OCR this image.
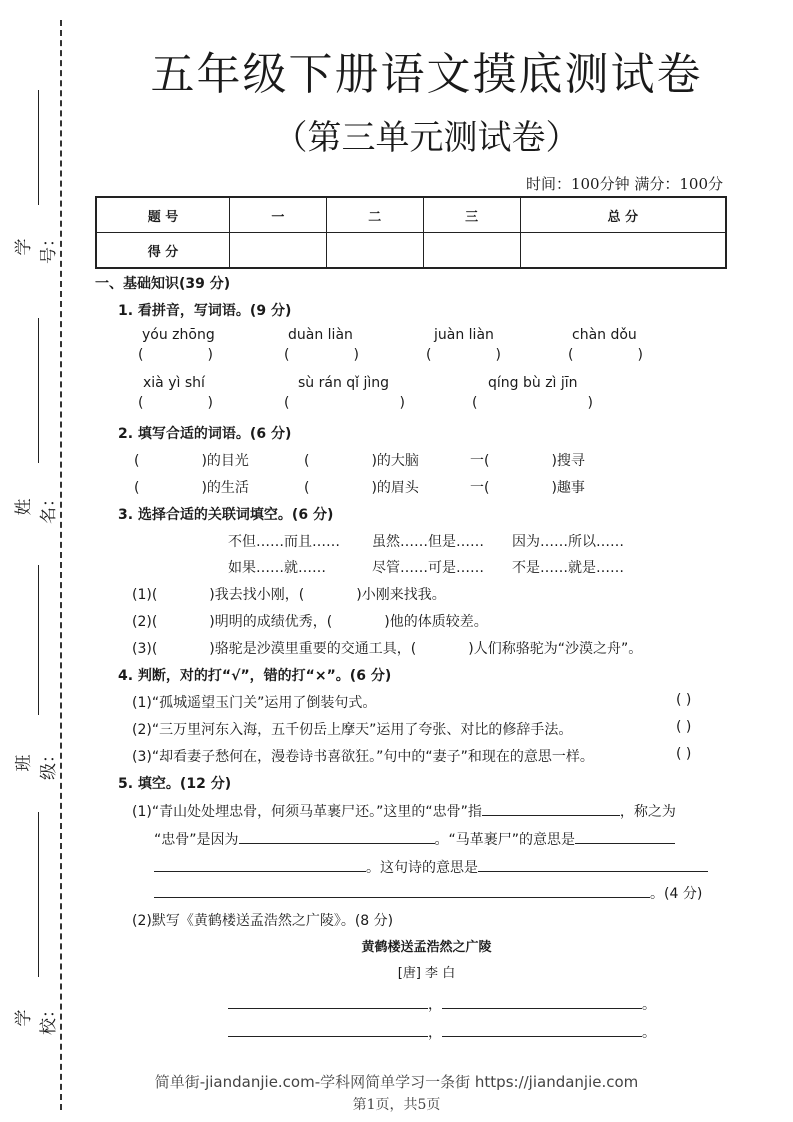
学号：
姓名：
班级：
学校：
五年级下册语文摸底测试卷
（第三单元测试卷）
时间：100分钟 满分：100分
题 号	一	二	三	总 分
得 分				
一、基础知识(39 分)
1. 看拼音，写词语。(9 分)
yóu zhōng	duàn liàn	juàn liàn	chàn dǒu
(	)	(	)	(	)	(	)
xià yì shí	sù rán qǐ jìng	qíng bù zì jīn
(	)	(	)	(	)
2. 填写合适的词语。(6 分)
(	)的目光	(	)的大脑	一(	)搜寻
(	)的生活	(	)的眉头	一(	)趣事
3. 选择合适的关联词填空。(6 分)
不但……而且…… 虽然……但是…… 因为……所以……
如果……就……	尽管……可是…… 不是……就是……
(1)(	)我去找小刚，(	)小刚来找我。
(2)(	)明明的成绩优秀，(	)他的体质较差。
(3)(	)骆驼是沙漠里重要的交通工具，(	)人们称骆驼为“沙漠之舟”。
4. 判断，对的打“√”，错的打“×”。(6 分)
(1)“孤城遥望玉门关”运用了倒装句式。	( )
(2)“三万里河东入海，五千仞岳上摩天”运用了夸张、对比的修辞手法。	( )
(3)“却看妻子愁何在，漫卷诗书喜欲狂。”句中的“妻子”和现在的意思一样。	( )
5. 填空。(12 分)
(1)“青山处处埋忠骨，何须马革裹尸还。”这里的“忠骨”指	，称之为
“忠骨”是因为	。“马革裹尸”的意思是
。这句诗的意思是
。(4 分)
(2)默写《黄鹤楼送孟浩然之广陵》。(8 分)
黄鹤楼送孟浩然之广陵
[唐] 李 白
，	。
，	。
简单街-jiandanjie.com-学科网简单学习一条街 https://jiandanjie.com
第1页，共5页
